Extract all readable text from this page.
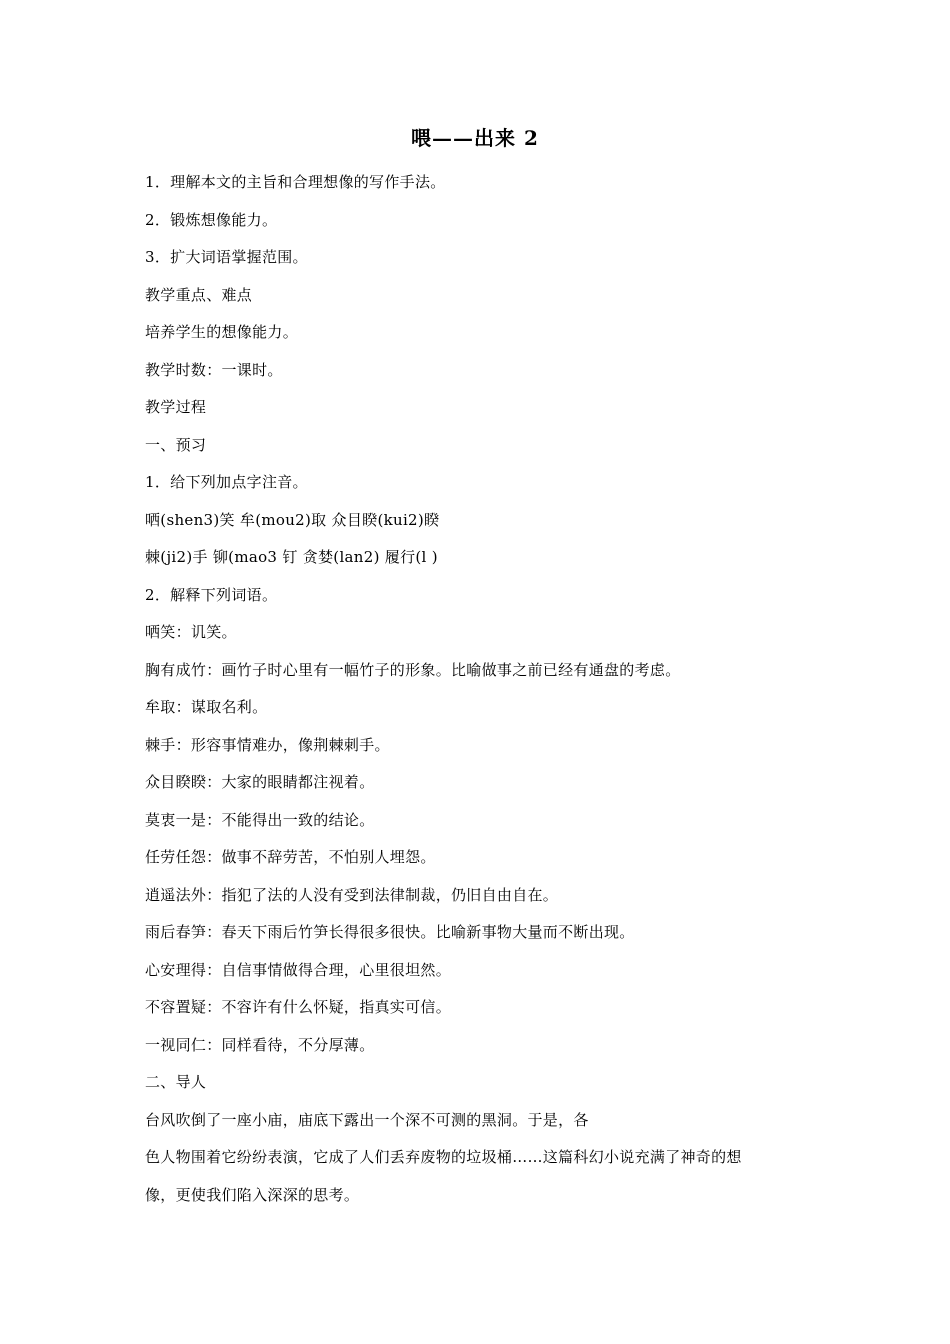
喂——出来 2
1．理解本文的主旨和合理想像的写作手法。
2．锻炼想像能力。
3．扩大词语掌握范围。
教学重点、难点
培养学生的想像能力。
教学时数：一课时。
教学过程
一、预习
1．给下列加点字注音。
哂(shen3)笑 牟(mou2)取 众目睽(kui2)睽
棘(ji2)手 铆(mao3 钉 贪婪(lan2) 履行(l )
2．解释下列词语。
哂笑：讥笑。
胸有成竹：画竹子时心里有一幅竹子的形象。比喻做事之前已经有通盘的考虑。
牟取：谋取名利。
棘手：形容事情难办，像荆棘刺手。
众目睽睽：大家的眼睛都注视着。
莫衷一是：不能得出一致的结论。
任劳任怨：做事不辞劳苦，不怕别人埋怨。
逍遥法外：指犯了法的人没有受到法律制裁，仍旧自由自在。
雨后春笋：春天下雨后竹笋长得很多很快。比喻新事物大量而不断出现。
心安理得：自信事情做得合理，心里很坦然。
不容置疑：不容许有什么怀疑，指真实可信。
一视同仁：同样看待，不分厚薄。
二、导人
台风吹倒了一座小庙，庙底下露出一个深不可测的黑洞。于是，各
色人物围着它纷纷表演，它成了人们丢弃废物的垃圾桶……这篇科幻小说充满了神奇的想
像，更使我们陷入深深的思考。
